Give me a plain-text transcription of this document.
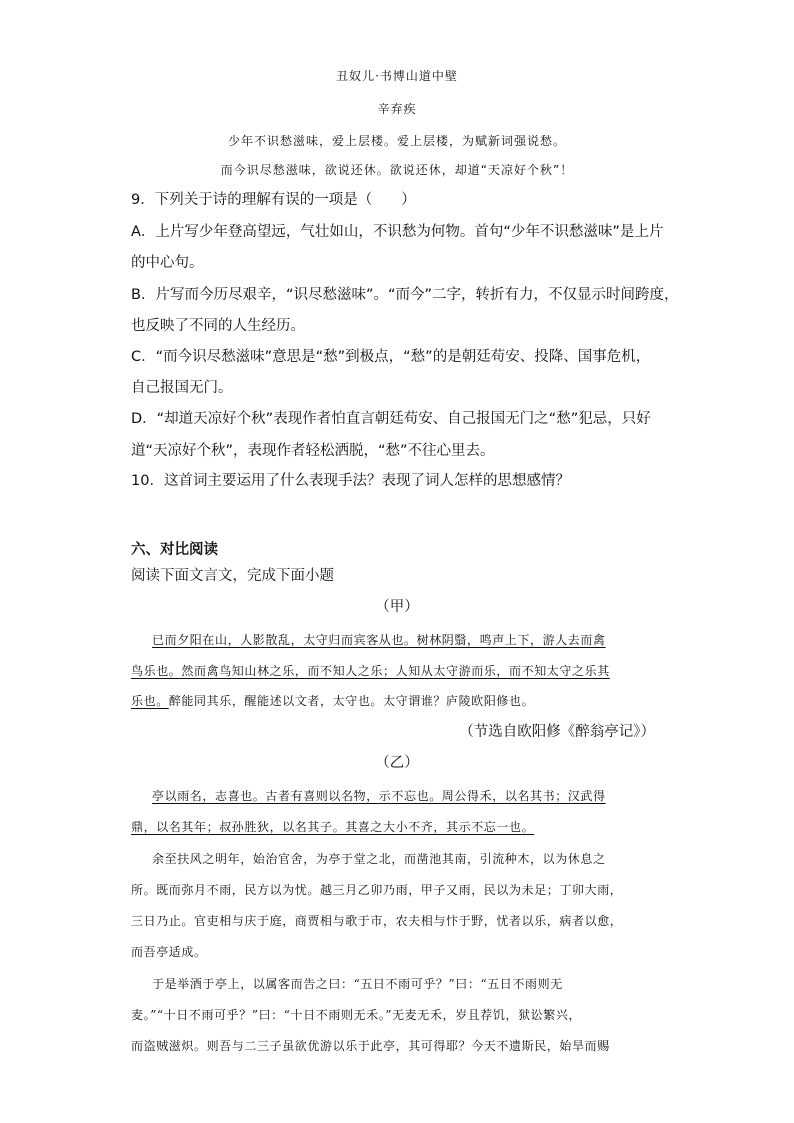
丑奴儿·书博山道中壁
辛弃疾
少年不识愁滋味，爱上层楼。爱上层楼，为赋新词强说愁。
而今识尽愁滋味，欲说还休。欲说还休，却道“天凉好个秋”！
9．下列关于诗的理解有误的一项是（　　）
A．上片写少年登高望远，气壮如山，不识愁为何物。首句“少年不识愁滋味”是上片
的中心句。
B．片写而今历尽艰辛，“识尽愁滋味”。“而今”二字，转折有力，不仅显示时间跨度，
也反映了不同的人生经历。
C．“而今识尽愁滋味”意思是“愁”到极点，“愁”的是朝廷苟安、投降、国事危机，
自己报国无门。
D．“却道天凉好个秋”表现作者怕直言朝廷苟安、自己报国无门之“愁”犯忌，只好
道“天凉好个秋”，表现作者轻松洒脱，“愁”不往心里去。
10．这首词主要运用了什么表现手法？表现了词人怎样的思想感情？
六、对比阅读
阅读下面文言文，完成下面小题
（甲）
已而夕阳在山，人影散乱，太守归而宾客从也。树林阴翳，鸣声上下，游人去而禽
鸟乐也。然而禽鸟知山林之乐，而不知人之乐；人知从太守游而乐，而不知太守之乐其
乐也。醉能同其乐，醒能述以文者，太守也。太守谓谁？庐陵欧阳修也。
（节选自欧阳修《醉翁亭记》）
（乙）
亭以雨名，志喜也。古者有喜则以名物，示不忘也。周公得禾，以名其书；汉武得
鼎，以名其年；叔孙胜狄，以名其子。其喜之大小不齐，其示不忘一也。
余至扶风之明年，始治官舍，为亭于堂之北，而凿池其南，引流种木，以为休息之
所。既而弥月不雨，民方以为忧。越三月乙卯乃雨，甲子又雨，民以为未足；丁卯大雨，
三日乃止。官吏相与庆于庭，商贾相与歌于市，农夫相与忭于野，忧者以乐，病者以愈，
而吾亭适成。
于是举酒于亭上，以属客而告之曰：“五日不雨可乎？”曰：“五日不雨则无
麦。”“十日不雨可乎？”曰：“十日不雨则无禾。”无麦无禾，岁且荐饥，狱讼繁兴，
而盗贼滋炽。则吾与二三子虽欲优游以乐于此亭，其可得耶？今天不遗斯民，始旱而赐
